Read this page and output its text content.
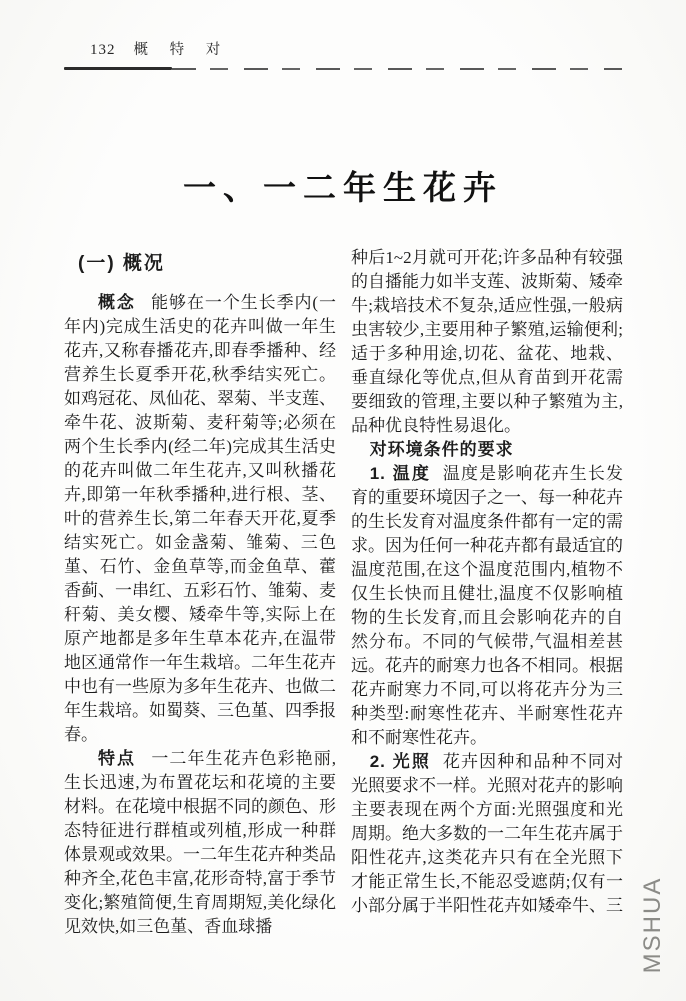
132 概 特 对
一、一二年生花卉
(一) 概况

概念 能够在一个生长季内(一年内)完成生活史的花卉叫做一年生花卉,又称春播花卉,即春季播种、经营养生长夏季开花,秋季结实死亡。如鸡冠花、凤仙花、翠菊、半支莲、牵牛花、波斯菊、麦秆菊等;必须在两个生长季内(经二年)完成其生活史的花卉叫做二年生花卉,又叫秋播花卉,即第一年秋季播种,进行根、茎、叶的营养生长,第二年春天开花,夏季结实死亡。如金盏菊、雏菊、三色堇、石竹、金鱼草等,而金鱼草、藿香蓟、一串红、五彩石竹、雏菊、麦秆菊、美女樱、矮牵牛等,实际上在原产地都是多年生草本花卉,在温带地区通常作一年生栽培。二年生花卉中也有一些原为多年生花卉、也做二年生栽培。如蜀葵、三色堇、四季报春。

特点 一二年生花卉色彩艳丽,生长迅速,为布置花坛和花境的主要材料。在花境中根据不同的颜色、形态特征进行群植或列植,形成一种群体景观或效果。一二年生花卉种类品种齐全,花色丰富,花形奇特,富于季节变化;繁殖简便,生育周期短,美化绿化见效快,如三色堇、香血球播

种后1~2月就可开花;许多品种有较强的自播能力如半支莲、波斯菊、矮牵牛;栽培技术不复杂,适应性强,一般病虫害较少,主要用种子繁殖,运输便利;适于多种用途,切花、盆花、地栽、垂直绿化等优点,但从育苗到开花需要细致的管理,主要以种子繁殖为主,品种优良特性易退化。

对环境条件的要求

1. 温度 温度是影响花卉生长发育的重要环境因子之一、每一种花卉的生长发育对温度条件都有一定的需求。因为任何一种花卉都有最适宜的温度范围,在这个温度范围内,植物不仅生长快而且健壮,温度不仅影响植物的生长发育,而且会影响花卉的自然分布。不同的气候带,气温相差甚远。花卉的耐寒力也各不相同。根据花卉耐寒力不同,可以将花卉分为三种类型:耐寒性花卉、半耐寒性花卉和不耐寒性花卉。

2. 光照 花卉因种和品种不同对光照要求不一样。光照对花卉的影响主要表现在两个方面:光照强度和光周期。绝大多数的一二年生花卉属于阳性花卉,这类花卉只有在全光照下才能正常生长,不能忍受遮荫;仅有一小部分属于半阳性花卉如矮牵牛、三 MSHUA
